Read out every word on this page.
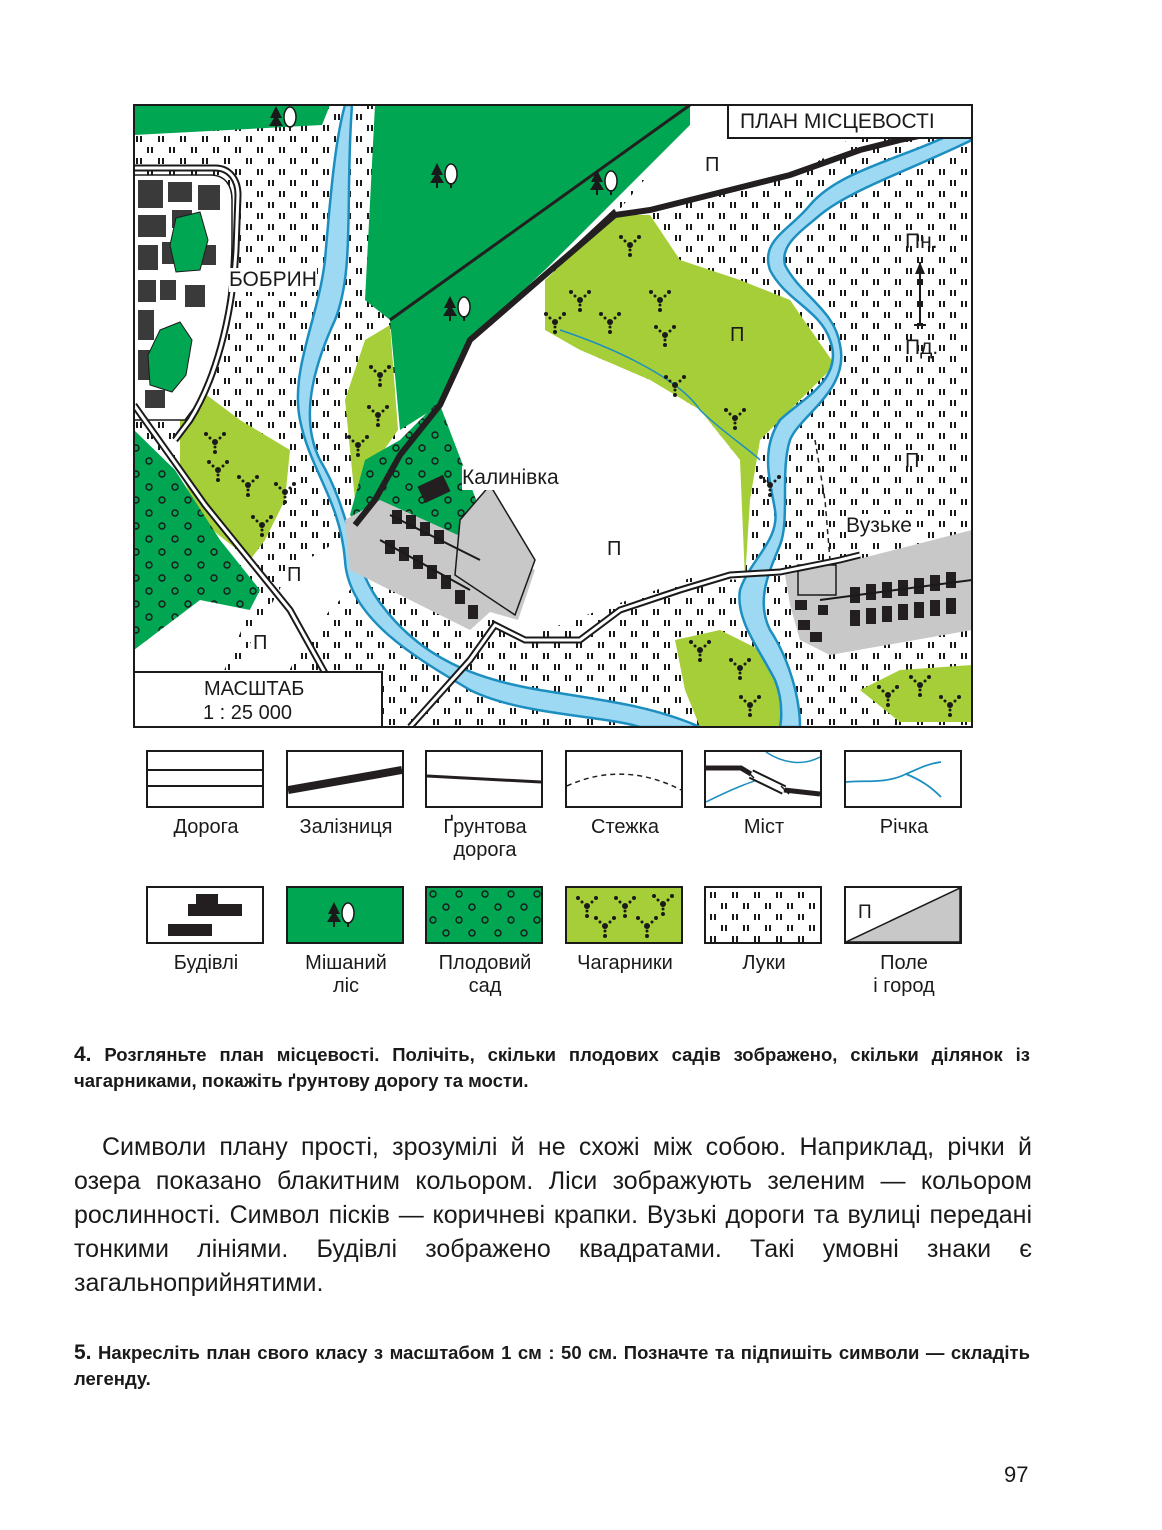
ПЛАН МІСЦЕВОСТІ
МАСШТАБ
1 : 25 000
Пн.
Пд.
БОБРИН
Калинівка
Вузьке
П
П
П
П
П
П
Дорога	Залізниця	Ґрунтова
дорога
Стежка	Міст	Річка
Будівлі	Мішаний
ліс
Плодовий
сад
Чагарники	Луки
П
Поле
і город
4. Розгляньте план місцевості. Полічіть, скільки плодових садів зображено, скільки ділянок із чагарниками, покажіть ґрунтову дорогу та мости.
Символи плану прості, зрозумілі й не схожі між собою. Наприклад, річки й озера показано блакитним кольором. Ліси зображують зеленим — кольором рослинності. Символ пісків — коричневі крапки. Вузькі дороги та вулиці передані тонкими лініями. Будівлі зображено квадратами. Такі умовні знаки є загальноприйнятими.
5. Накресліть план свого класу з масштабом 1 см : 50 см. Позначте та підпишіть символи — складіть легенду.
97
